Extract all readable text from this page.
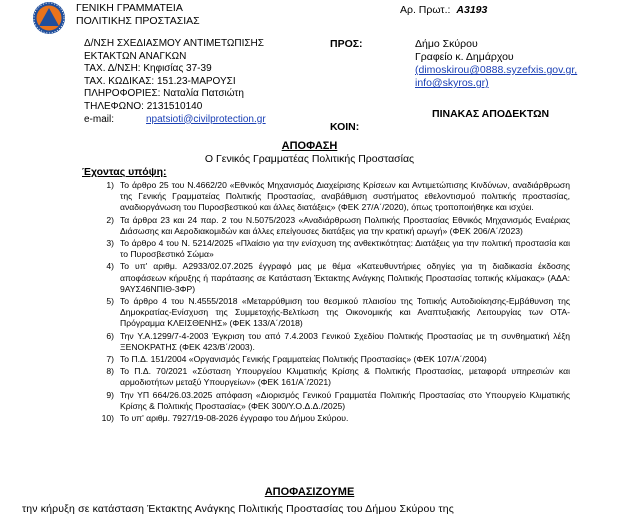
ΓΕΝΙΚΗ ΓΡΑΜΜΑΤΕΙΑ
ΠΟΛΙΤΙΚΗΣ ΠΡΟΣΤΑΣΙΑΣ
Αρ. Πρωτ.: Α3193
Δ/ΝΣΗ ΣΧΕΔΙΑΣΜΟΥ ΑΝΤΙΜΕΤΩΠΙΣΗΣ
ΕΚΤΑΚΤΩΝ ΑΝΑΓΚΩΝ
ΤΑΧ. Δ/ΝΣΗ: Κηφισίας 37-39
ΤΑΧ. ΚΩΔΙΚΑΣ: 151.23-ΜΑΡΟΥΣΙ
ΠΛΗΡΟΦΟΡΙΕΣ: Ναταλία Πατσιώτη
ΤΗΛΕΦΩΝΟ: 2131510140
e-mail:	npatsioti@civilprotection.gr
ΠΡΟΣ:	Δήμο Σκύρου
Γραφείο κ. Δημάρχου
(dimoskirou@0888.syzefxis.gov.gr,
info@skyros.gr)
ΠΙΝΑΚΑΣ ΑΠΟΔΕΚΤΩΝ
ΚΟΙΝ:
ΑΠΟΦΑΣΗ
Ο Γενικός Γραμματέας Πολιτικής Προστασίας
Έχοντας υπόψη:
1) Το άρθρο 25 του Ν.4662/20 «Εθνικός Μηχανισμός Διαχείρισης Κρίσεων και Αντιμετώπισης Κινδύνων, αναδιάρθρωση της Γενικής Γραμματείας Πολιτικής Προστασίας, αναβάθμιση συστήματος εθελοντισμού πολιτικής προστασίας, αναδιοργάνωση του Πυροσβεστικού και άλλες διατάξεις» (ΦΕΚ 27/Α΄/2020), όπως τροποποιήθηκε και ισχύει.
2) Τα άρθρα 23 και 24 παρ. 2 του Ν.5075/2023 «Αναδιάρθρωση Πολιτικής Προστασίας Εθνικός Μηχανισμός Εναέριας Διάσωσης και Αεροδιακομιδών και άλλες επείγουσες διατάξεις για την κρατική αρωγή» (ΦΕΚ 206/Α΄/2023)
3) Το άρθρο 4 του Ν. 5214/2025 «Πλαίσιο για την ενίσχυση της ανθεκτικότητας: Διατάξεις για την πολιτική προστασία και το Πυροσβεστικό Σώμα»
4) Το υπ' αριθμ. Α2933/02.07.2025 έγγραφό μας με θέμα «Κατευθυντήριες οδηγίες για τη διαδικασία έκδοσης αποφάσεων κήρυξης ή παράτασης σε Κατάσταση Έκτακτης Ανάγκης Πολιτικής Προστασίας τοπικής κλίμακας» (ΑΔΑ: 9ΑΥΣ46ΝΠΙΘ-3ΦΡ)
5) Το άρθρο 4 του Ν.4555/2018 «Μεταρρύθμιση του θεσμικού πλαισίου της Τοπικής Αυτοδιοίκησης-Εμβάθυνση της Δημοκρατίας-Ενίσχυση της Συμμετοχής-Βελτίωση της Οικονομικής και Αναπτυξιακής Λειτουργίας των ΟΤΑ-Πρόγραμμα ΚΛΕΙΣΘΕΝΗΣ» (ΦΕΚ 133/Α΄/2018)
6) Την Υ.Α.1299/7-4-2003 Έγκριση του από 7.4.2003 Γενικού Σχεδίου Πολιτικής Προστασίας με τη συνθηματική λέξη ΞΕΝΟΚΡΑΤΗΣ (ΦΕΚ 423/Β΄/2003).
7) Το Π.Δ. 151/2004 «Οργανισμός Γενικής Γραμματείας Πολιτικής Προστασίας» (ΦΕΚ 107/Α΄/2004)
8) Το Π.Δ. 70/2021 «Σύσταση Υπουργείου Κλιματικής Κρίσης & Πολιτικής Προστασίας, μεταφορά υπηρεσιών και αρμοδιοτήτων μεταξύ Υπουργείων» (ΦΕΚ 161/Α΄/2021)
9) Την ΥΠ 664/26.03.2025 απόφαση «Διορισμός Γενικού Γραμματέα Πολιτικής Προστασίας στο Υπουργείο Κλιματικής Κρίσης & Πολιτικής Προστασίας» (ΦΕΚ 300/Υ.Ο.Δ.Δ./2025)
10) Το υπ' αριθμ. 7927/19-08-2026 έγγραφο του Δήμου Σκύρου.
ΑΠΟΦΑΣΙΖΟΥΜΕ
την κήρυξη σε κατάσταση Έκτακτης Ανάγκης Πολιτικής Προστασίας του Δήμου Σκύρου της
